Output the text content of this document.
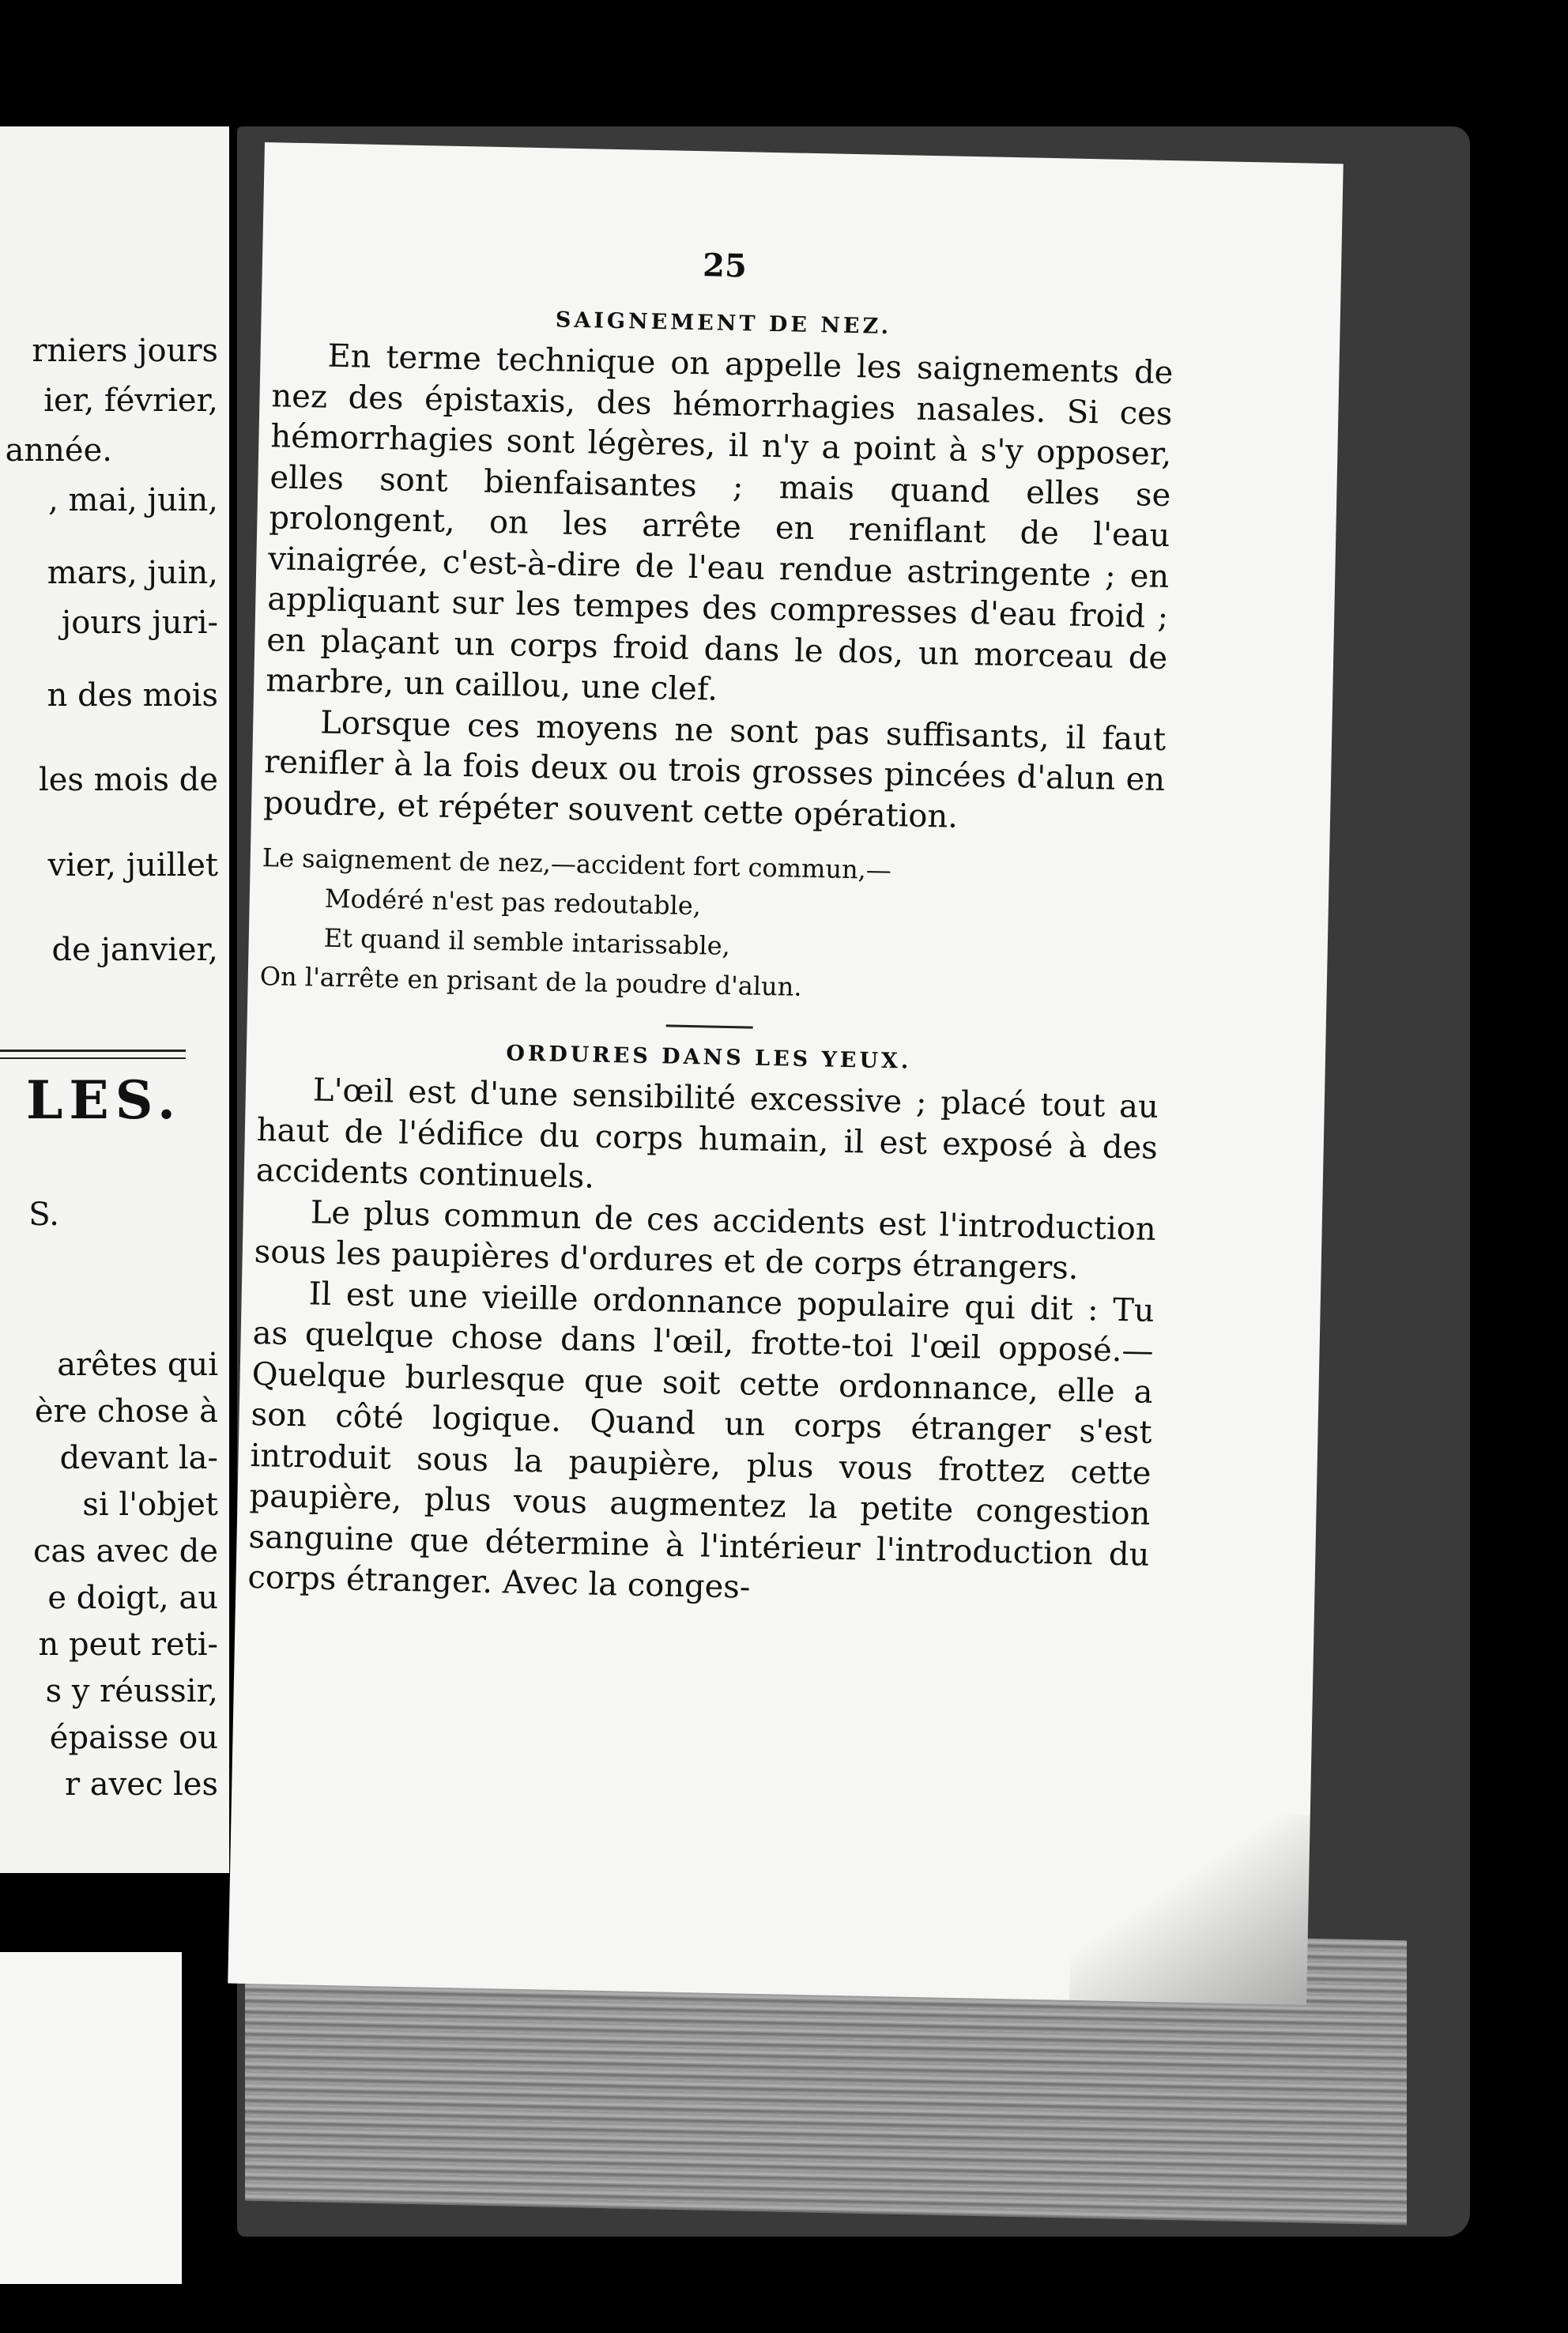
rniers jours
ier, février,
année.
, mai, juin,
mars, juin,
jours juri-
n des mois
les mois de
vier, juillet
de janvier,
LES.
S.
arêtes qui
ère chose à
devant la-
si l'objet
cas avec de
e doigt, au
n peut reti-
s y réussir,
épaisse ou
r avec les
25
SAIGNEMENT DE NEZ.

En terme technique on appelle les saignements de nez des épistaxis, des hémorrhagies nasales. Si ces hémorrhagies sont légères, il n'y a point à s'y opposer, elles sont bienfaisantes ; mais quand elles se prolongent, on les arrête en reniflant de l'eau vinaigrée, c'est-à-dire de l'eau rendue astringente ; en appliquant sur les tempes des compresses d'eau froid ; en plaçant un corps froid dans le dos, un morceau de marbre, un caillou, une clef.

Lorsque ces moyens ne sont pas suffisants, il faut renifler à la fois deux ou trois grosses pincées d'alun en poudre, et répéter souvent cette opération.

Le saignement de nez,—accident fort commun,—
Modéré n'est pas redoutable,
Et quand il semble intarissable,
On l'arrête en prisant de la poudre d'alun.
ORDURES DANS LES YEUX.

L'œil est d'une sensibilité excessive ; placé tout au haut de l'édifice du corps humain, il est exposé à des accidents continuels.

Le plus commun de ces accidents est l'introduction sous les paupières d'ordures et de corps étrangers.

Il est une vieille ordonnance populaire qui dit : Tu as quelque chose dans l'œil, frotte-toi l'œil opposé.—Quelque burlesque que soit cette ordonnance, elle a son côté logique. Quand un corps étranger s'est introduit sous la paupière, plus vous frottez cette paupière, plus vous augmentez la petite congestion sanguine que détermine à l'intérieur l'introduction du corps étranger. Avec la conges-
